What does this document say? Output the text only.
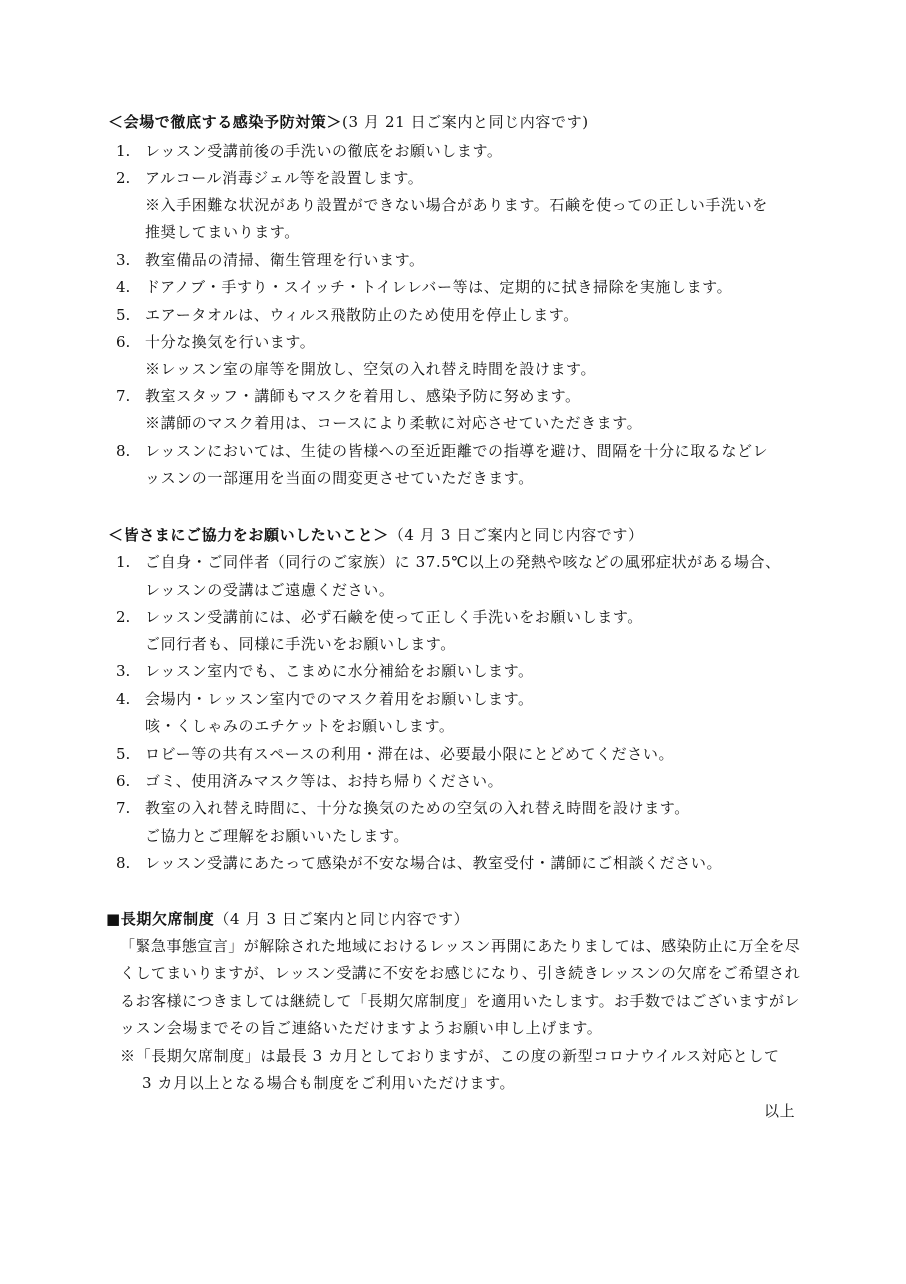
＜会場で徹底する感染予防対策＞(3 月 21 日ご案内と同じ内容です)
1. レッスン受講前後の手洗いの徹底をお願いします。
2. アルコール消毒ジェル等を設置します。
※入手困難な状況があり設置ができない場合があります。石鹸を使っての正しい手洗いを
推奨してまいります。
3. 教室備品の清掃、衛生管理を行います。
4. ドアノブ・手すり・スイッチ・トイレレバー等は、定期的に拭き掃除を実施します。
5. エアータオルは、ウィルス飛散防止のため使用を停止します。
6. 十分な換気を行います。
※レッスン室の扉等を開放し、空気の入れ替え時間を設けます。
7. 教室スタッフ・講師もマスクを着用し、感染予防に努めます。
※講師のマスク着用は、コースにより柔軟に対応させていただきます。
8. レッスンにおいては、生徒の皆様への至近距離での指導を避け、間隔を十分に取るなどレ
ッスンの一部運用を当面の間変更させていただきます。
＜皆さまにご協力をお願いしたいこと＞（4 月 3 日ご案内と同じ内容です）
1. ご自身・ご同伴者（同行のご家族）に 37.5℃以上の発熱や咳などの風邪症状がある場合、
レッスンの受講はご遠慮ください。
2. レッスン受講前には、必ず石鹸を使って正しく手洗いをお願いします。
ご同行者も、同様に手洗いをお願いします。
3. レッスン室内でも、こまめに水分補給をお願いします。
4. 会場内・レッスン室内でのマスク着用をお願いします。
咳・くしゃみのエチケットをお願いします。
5. ロビー等の共有スペースの利用・滞在は、必要最小限にとどめてください。
6. ゴミ、使用済みマスク等は、お持ち帰りください。
7. 教室の入れ替え時間に、十分な換気のための空気の入れ替え時間を設けます。
ご協力とご理解をお願いいたします。
8. レッスン受講にあたって感染が不安な場合は、教室受付・講師にご相談ください。
■長期欠席制度（4 月 3 日ご案内と同じ内容です）
「緊急事態宣言」が解除された地域におけるレッスン再開にあたりましては、感染防止に万全を尽
くしてまいりますが、レッスン受講に不安をお感じになり、引き続きレッスンの欠席をご希望され
るお客様につきましては継続して「長期欠席制度」を適用いたします。お手数ではございますがレ
ッスン会場までその旨ご連絡いただけますようお願い申し上げます。
※「長期欠席制度」は最長 3 カ月としておりますが、この度の新型コロナウイルス対応として
3 カ月以上となる場合も制度をご利用いただけます。
以上
